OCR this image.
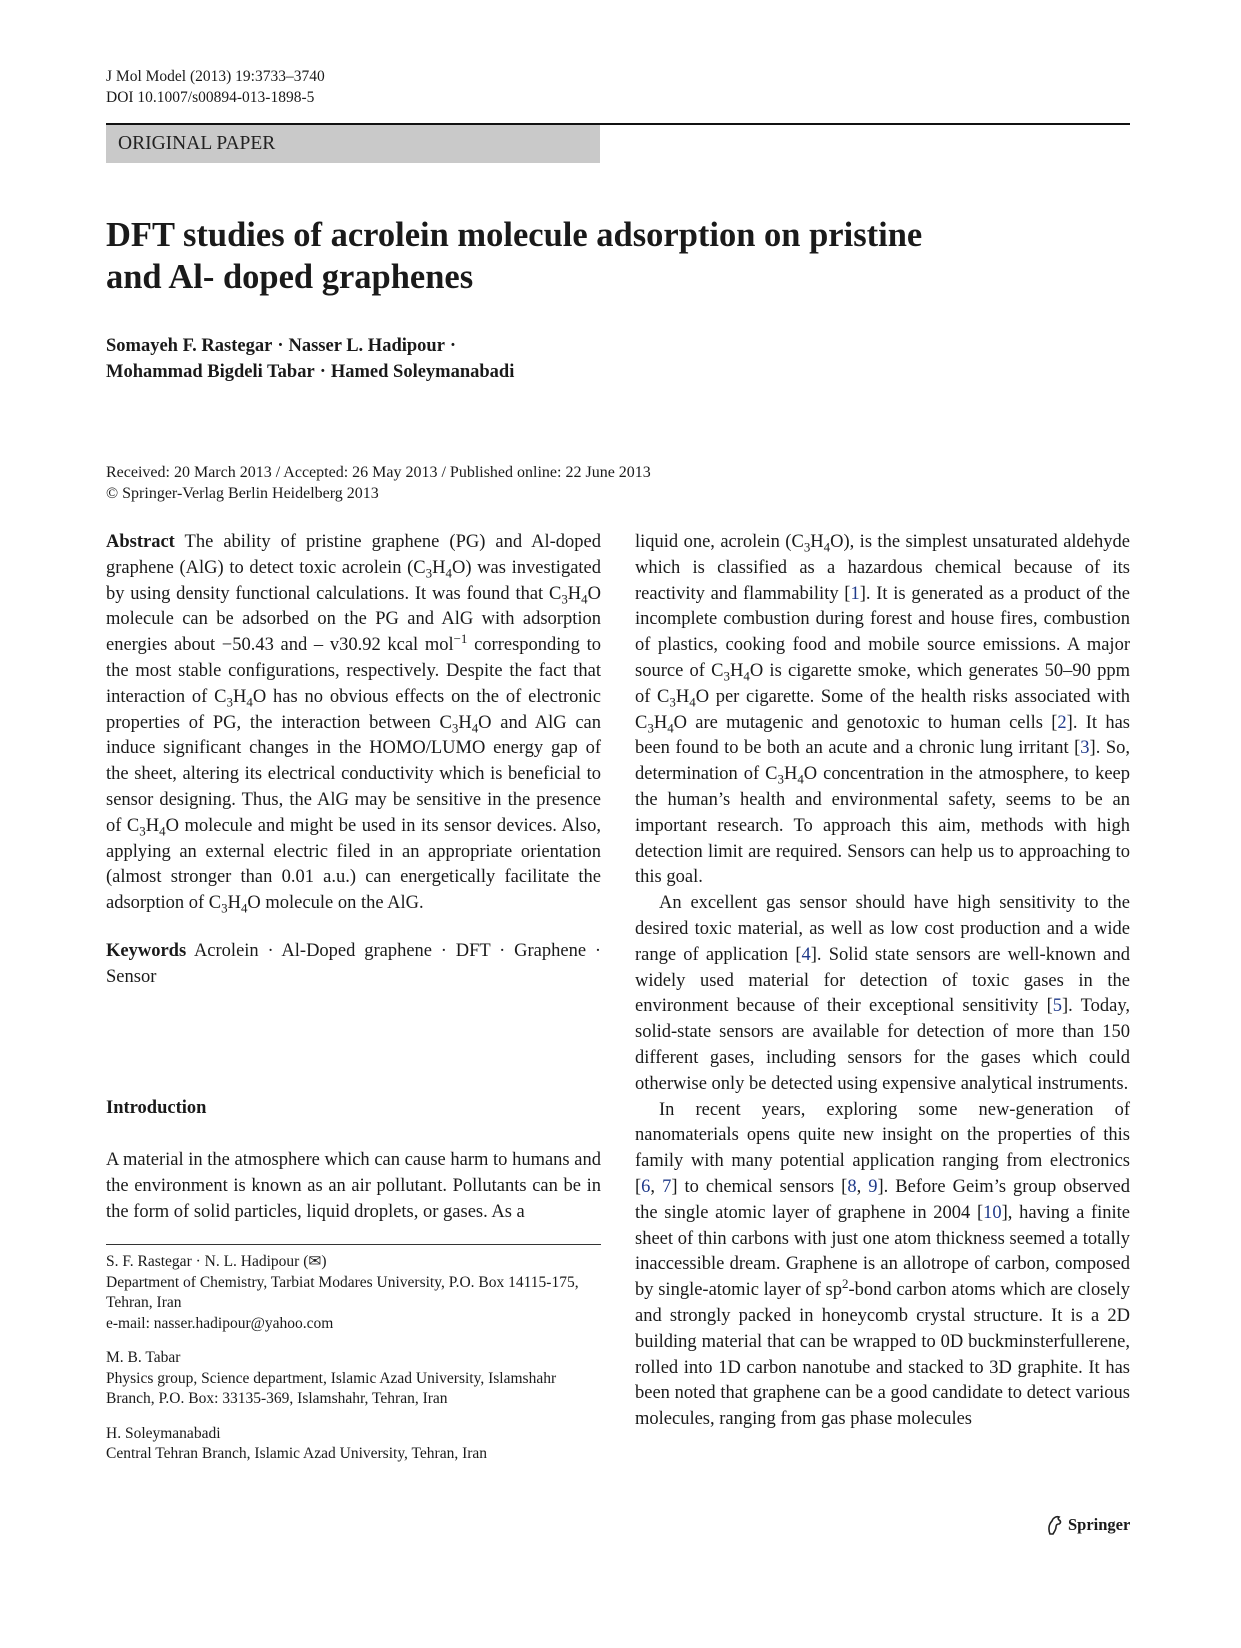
J Mol Model (2013) 19:3733–3740
DOI 10.1007/s00894-013-1898-5
ORIGINAL PAPER
DFT studies of acrolein molecule adsorption on pristine
and Al- doped graphenes
Somayeh F. Rastegar · Nasser L. Hadipour ·
Mohammad Bigdeli Tabar · Hamed Soleymanabadi
Received: 20 March 2013 / Accepted: 26 May 2013 / Published online: 22 June 2013
© Springer-Verlag Berlin Heidelberg 2013

Abstract The ability of pristine graphene (PG) and Al-doped graphene (AlG) to detect toxic acrolein $(C_3H_4O)$ was investigated by using density functional calculations. It was found that $C_3H_4O$ molecule can be adsorbed on the PG and AlG with adsorption energies about −50.43 and – v30.92 kcal mol$^{-1}$ corresponding to the most stable configurations, respectively. Despite the fact that interaction of $C_3H_4O$ has no obvious effects on the of electronic properties of PG, the interaction between $C_3H_4O$ and AlG can induce significant changes in the HOMO/LUMO energy gap of the sheet, altering its electrical conductivity which is beneficial to sensor designing. Thus, the AlG may be sensitive in the presence of $C_3H_4O$ molecule and might be used in its sensor devices. Also, applying an external electric filed in an appropriate orientation (almost stronger than 0.01 a.u.) can energetically facilitate the adsorption of $C_3H_4O$ molecule on the AlG.

Keywords Acrolein · Al-Doped graphene · DFT · Graphene · Sensor

Introduction

A material in the atmosphere which can cause harm to humans and the environment is known as an air pollutant. Pollutants can be in the form of solid particles, liquid droplets, or gases. As a

S. F. Rastegar · N. L. Hadipour (✉)
Department of Chemistry, Tarbiat Modares University, P.O. Box 14115-175, Tehran, Iran
e-mail: nasser.hadipour@yahoo.com
M. B. Tabar
Physics group, Science department, Islamic Azad University, Islamshahr Branch, P.O. Box: 33135-369, Islamshahr, Tehran, Iran
H. Soleymanabadi
Central Tehran Branch, Islamic Azad University, Tehran, Iran

liquid one, acrolein $(C_3H_4O)$, is the simplest unsaturated aldehyde which is classified as a hazardous chemical because of its reactivity and flammability [1]. It is generated as a product of the incomplete combustion during forest and house fires, combustion of plastics, cooking food and mobile source emissions. A major source of $C_3H_4O$ is cigarette smoke, which generates 50–90 ppm of $C_3H_4O$ per cigarette. Some of the health risks associated with $C_3H_4O$ are mutagenic and genotoxic to human cells [2]. It has been found to be both an acute and a chronic lung irritant [3]. So, determination of $C_3H_4O$ concentration in the atmosphere, to keep the human’s health and environmental safety, seems to be an important research. To approach this aim, methods with high detection limit are required. Sensors can help us to approaching to this goal.

An excellent gas sensor should have high sensitivity to the desired toxic material, as well as low cost production and a wide range of application [4]. Solid state sensors are well-known and widely used material for detection of toxic gases in the environment because of their exceptional sensitivity [5]. Today, solid-state sensors are available for detection of more than 150 different gases, including sensors for the gases which could otherwise only be detected using expensive analytical instruments.

In recent years, exploring some new-generation of nanomaterials opens quite new insight on the properties of this family with many potential application ranging from electronics [6, 7] to chemical sensors [8, 9]. Before Geim’s group observed the single atomic layer of graphene in 2004 [10], having a finite sheet of thin carbons with just one atom thickness seemed a totally inaccessible dream. Graphene is an allotrope of carbon, composed by single-atomic layer of $sp^2$-bond carbon atoms which are closely and strongly packed in honeycomb crystal structure. It is a 2D building material that can be wrapped to 0D buckminsterfullerene, rolled into 1D carbon nanotube and stacked to 3D graphite. It has been noted that graphene can be a good candidate to detect various molecules, ranging from gas phase molecules

Springer
